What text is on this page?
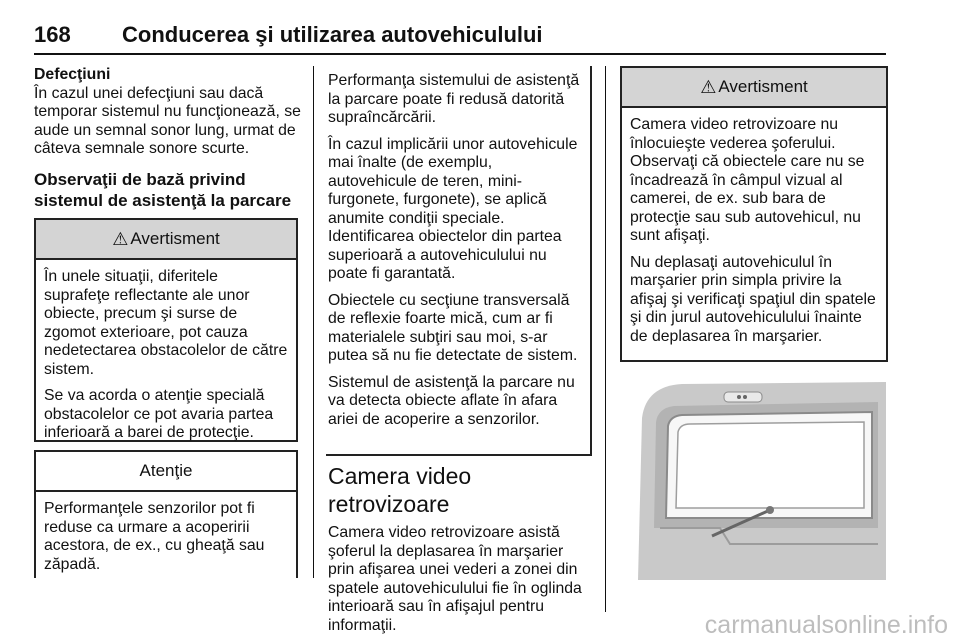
168 Conducerea şi utilizarea autovehiculului
Defecţiuni

În cazul unei defecţiuni sau dacă temporar sistemul nu funcţionează, se aude un semnal sonor lung, urmat de câteva semnale sonore scurte.

Observaţii de bază privind sistemul de asistenţă la parcare
⚠ Avertisment

În unele situaţii, diferitele suprafeţe reflectante ale unor obiecte, precum şi surse de zgomot exterioare, pot cauza nedetectarea obstacolelor de către sistem.

Se va acorda o atenţie specială obstacolelor ce pot avaria partea inferioară a barei de protecţie.

Atenţie

Performanţele senzorilor pot fi reduse ca urmare a acoperirii acestora, de ex., cu gheaţă sau zăpadă.

Performanţa sistemului de asistenţă la parcare poate fi redusă datorită supraîncărcării.

În cazul implicării unor autovehicule mai înalte (de exemplu, autovehicule de teren, mini-furgonete, furgonete), se aplică anumite condiţii speciale. Identificarea obiectelor din partea superioară a autovehiculului nu poate fi garantată.

Obiectele cu secţiune transversală de reflexie foarte mică, cum ar fi materialele subţiri sau moi, s-ar putea să nu fie detectate de sistem.

Sistemul de asistenţă la parcare nu va detecta obiecte aflate în afara ariei de acoperire a senzorilor.

Camera video retrovizoare

Camera video retrovizoare asistă şoferul la deplasarea în marşarier prin afişarea unei vederi a zonei din spatele autovehiculului fie în oglinda interioară sau în afişajul pentru informaţii.

⚠ Avertisment

Camera video retrovizoare nu înlocuieşte vederea şoferului. Observaţi că obiectele care nu se încadrează în câmpul vizual al camerei, de ex. sub bara de protecţie sau sub autovehicul, nu sunt afişaţi.

Nu deplasaţi autovehiculul în marşarier prin simpla privire la afişaj şi verificaţi spaţiul din spatele şi din jurul autovehiculului înainte de deplasarea în marşarier.

carmanualsonline.info
